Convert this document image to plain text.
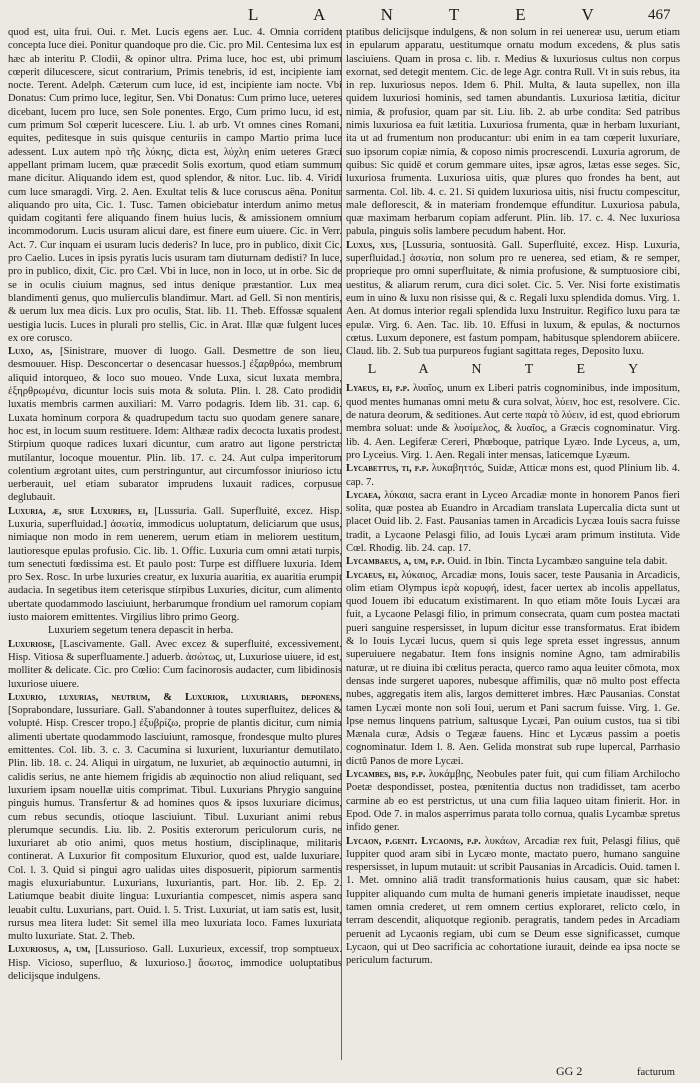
L A N T E V 467

quod est, uita frui. Oui. r. Met. Lucis egens aer. Luc. 4. Omnia corrident concepta luce diei. Ponitur quandoque pro die. Cic. pro Mil. Centesima lux est hæc ab interitu P. Clodii, & opinor ultra. Prima luce, hoc est, ubi primum cœperit dilucescere, sicut contrarium, Primis tenebris, id est, incipiente iam nocte. Terent. Adelph. Cæterum cum luce, id est, incipiente iam nocte. Vbi Donatus: Cum primo luce, legitur, Sen. Vbi Donatus: Cum primo luce, ueteres dicebant, lucem pro luce, sen Sole ponentes. Ergo, Cum primo lucu, id est, cum primum Sol cœperit lucescere. Liu. l. ab urb. Vt omnes cines Romani, equites, peditesque in suis quisque centuriis in campo Martio prima luce adessent. Lux autem πρὸ τῆς λύκης, dicta est, λύχλη enim ueteres Græci appellant primam lucem, quæ præcedit Solis exortum, quod etiam summum mane dicitur. Aliquando idem est, quod splendor, & nitor. Luc. lib. 4. Viridi cum luce smaragdi. Virg. 2. Aen. Exultat telis & luce coruscus aëna. Ponitur aliquando pro uita, Cic. 1. Tusc. Tamen obiciebatur interdum animo metus quidam cogitanti fere aliquando finem huius lucis, & amissionem omnium incommodorum. Lucis usuram alicui dare, est finere eum uiuere. Cic. in Verr. Act. 7. Cur inquam ei usuram lucis dederis? In luce, pro in publico, dixit Cic. pro Caelio. Luces in ipsis pyratis lucis usuram tam diuturnam dedisti? In luce, pro in publico, dixit, Cic. pro Cæl. Vbi in luce, non in loco, ut in orbe. Sic de se in oculis ciuium magnus, sed intus denique præstantior. Lux mea blandimenti genus, quo mulierculis blandimur. Mart. ad Gell. Si non mentiris, & uerum lux mea dicis. Lux pro oculis, Stat. lib. 11. Theb. Effossæ squalent uestigia lucis. Luces in plurali pro stellis, Cic. in Arat. Illæ quæ fulgent luces ex ore corusco.

Luxo, as, [Sinistrare, muover di luogo. Gall. Desmettre de son lieu, desmouuer. Hisp. Desconcertar o desencasar huessos.] ἐξαρθρόω, membrum aliquid intorqueo, & loco suo moueo. Vnde Luxa, sicut luxata membra, ἐξηρθρωμένα, dicuntur locis suis mota & soluta. Plin. l. 28. Cato prodidit luxatis membris carmen auxiliari: M. Varro podagris. Idem lib. 31. cap. 6. Luxata hominum corpora & quadrupedum tactu suo quodam genere sanare, hoc est, in locum suum restituere. Idem: Althææ radix decocta luxatis prodest. Stirpium quoque radices luxari dicuntur, cum aratro aut ligone perstrictæ mutilantur, locoque mouentur. Plin. lib. 17. c. 24. Aut culpa imperitorum colentium ægrotant uites, cum perstringuntur, aut circumfossor iniurioso ictu uerberauit, uel etiam subarator imprudens luxauit radices, corpusue deglubauit.

Luxuria, æ, siue Luxuries, ei, [Lussuria. Gall. Superfluité, excez. Hisp. Luxuria, superfluidad.] ἀσωτία, immodicus uoluptatum, deliciarum que usus, nimiaque non modo in rem uenerem, uerum etiam in meliorem uestitum, lautioresque epulas profusio. Cic. lib. 1. Offic. Luxuria cum omni ætati turpis, tum senectuti fœdissima est. Et paulo post: Turpe est diffluere luxuria. Idem pro Sex. Rosc. In urbe luxuries creatur, ex luxuria auaritia, ex auaritia erumpit audacia. In segetibus item ceterisque stirpibus Luxuries, dicitur, cum alimento ubertate quodammodo lasciuiunt, herbarumque frondium uel ramorum copiam iusto maiorem emittentes. Virgilius libro primo Georg.

Luxuriem segetum tenera depascit in herba.

Luxuriose, [Lascivamente. Gall. Avec excez & superfluité, excessivement. Hisp. Vitiosa & superfluamente.] aduerb. ἀσώτως, ut, Luxuriose uiuere, id est, molliter & delicate. Cic. pro Cœlio: Cum facinorosis audacter, cum libidinosis luxuriose uiuere.

Luxurio, luxurias, neutrum, & Luxurior, luxuriaris, deponens, [Soprabondare, lussuriare. Gall. S'abandonner à toutes superfluitez, delices & volupté. Hisp. Crescer tropo.] ἐξυβρίζω, proprie de plantis dicitur, cum nimia alimenti ubertate quodammodo lasciuiunt, ramosque, frondesque multo plures emittentes. Col. lib. 3. c. 3. Cacumina si luxurient, luxuriantur demutilato. Plin. lib. 18. c. 24. Aliqui in uirgatum, ne luxuriet, ab æquinoctio autumni, in calidis serius, ne ante hiemem frigidis ab æquinoctio non aliud reliquant, sed luxuriem ipsam nouellæ uitis comprimat. Tibul. Luxurians Phrygio sanguine pinguis humus. Transfertur & ad homines quos & ipsos luxuriare dicimus, cum rebus secundis, otioque lasciuiunt. Tibul. Luxuriant animi rebus plerumque secundis. Liu. lib. 2. Positis exterorum periculorum curis, ne luxuriaret ab otio animi, quos metus hostium, disciplinaque, militaris continerat. A Luxurior fit compositum Eluxurior, quod est, ualde luxuriare. Col. l. 3. Quid si pingui agro ualidas uites disposuerit, pipiorum sarmentis magis eluxuriabuntur. Luxurians, luxuriantis, part. Hor. lib. 2. Ep. 2. Latiumque beabit diuite lingua: Luxuriantia compescet, nimis aspera sano leuabit cultu. Luxurians, part. Ouid. l. 5. Trist. Luxuriat, ut iam satis est, lusit, rursus mea litera ludet: Sit semel illa meo luxuriata loco. Fames luxuriata multo luxuriate. Stat. 2. Theb.

Luxuriosus, a, um, [Lussurioso. Gall. Luxurieux, excessif, trop somptueux. Hisp. Vicioso, superfluo, & luxurioso.] ἄσωτος, immodice uoluptatibus delicijsque indulgens.

ptatibus delicijsque indulgens, & non solum in rei uenereæ usu, uerum etiam in epularum apparatu, uestitumque ornatu modum excedens, & plus satis lasciuiens. Quam in prosa c. lib. r. Medius & luxuriosus cultus non corpus exornat, sed detegit mentem. Cic. de lege Agr. contra Rull. Vt in suis rebus, ita in rep. luxuriosus nepos. Idem 6. Phil. Multa, & lauta supellex, non illa quidem luxuriosi hominis, sed tamen abundantis. Luxuriosa lætitia, dicitur nimia, & profusior, quam par sit. Liu. lib. 2. ab urbe condita: Sed patribus nimis luxuriosa ea fuit lætitia. Luxuriosa frumenta, quæ in herbam luxuriant, ita ut ad frumentum non producantur: ubi enim in ea tam cœperit luxuriare, suo ipsorum copiæ nimia, & coposo nimis procrescendi. Luxuria agrorum, de quibus: Sic quidē et corum gemmare uites, ipsæ agros, lætas esse seges. Sic, luxuriosa frumenta. Luxuriosa uitis, quæ plures quo frondes ha bent, aut sarmenta. Col. lib. 4. c. 21. Si quidem luxuriosa uitis, nisi fructu compescitur, male deflorescit, & in materiam frondemque effunditur. Luxuriosa pabula, quæ maximam herbarum copiam adferunt. Plin. lib. 17. c. 4. Nec luxuriosa pabula, pinguis solis lambere pecudum habent. Hor.

Luxus, xus, [Lussuria, sontuosità. Gall. Superfluité, excez. Hisp. Luxuria, superfluidad.] ἀσωτία, non solum pro re uenerea, sed etiam, & re semper, proprieque pro omni superfluitate, & nimia profusione, & sumptuosiore cibi, uestitus, & aliarum rerum, cura dici solet. Cic. 5. Ver. Nisi forte existimatis eum in uino & luxu non risisse qui, & c. Regali luxu splendida domus. Virg. 1. Aen. At domus interior regali splendida luxu Instruitur. Regifico luxu para tæ epulæ. Virg. 6. Aen. Tac. lib. 10. Effusi in luxum, & epulas, & nocturnos cœtus. Luxum deponere, est fastum pompam, habitusque splendorem abiicere. Claud. lib. 2. Sub tua purpureos fugiant sagittata reges, Deposito luxu.

L A N T E Y

Lyaeus, ei, p.p. λυαῖος, unum ex Liberi patris cognominibus, inde impositum, quod mentes humanas omni metu & cura solvat, λύειν, hoc est, resolvere. Cic. de natura deorum, & seditiones. Aut certe παρὰ τὸ λύειν, id est, quod ebriorum membra soluat: unde & λυσίμελος, & λυαῖος, a Græcis cognominatur. Virg. lib. 4. Aen. Legiferæ Cereri, Phœboque, patrique Lyæo. Inde Lyceus, a, um, pro Lyceius. Virg. 1. Aen. Regali inter mensas, laticemque Lyæum.

Lycabettus, ti, p.p. λυκαβηττός, Suidæ, Atticæ mons est, quod Plinium lib. 4. cap. 7.

Lycaea, λύκαια, sacra erant in Lyceo Arcadiæ monte in honorem Panos fieri solita, quæ postea ab Euandro in Arcadiam translata Lupercalia dicta sunt ut placet Ouid lib. 2. Fast. Pausanias tamen in Arcadicis Lycæa Iouis sacra fuisse tradit, a Lycaone Pelasgi filio, ad Iouis Lycæi aram primum instituta. Vide Cœl. Rhodig. lib. 24. cap. 17.

Lycambaeus, a, um, p.p. Ouid. in Ibin. Tincta Lycambæo sanguine tela dabit.

Lycaeus, ei, λύκαιος, Arcadiæ mons, Iouis sacer, teste Pausania in Arcadicis, olim etiam Olympus ἱερὰ κορυφή, idest, facer uertex ab incolis appellatus, quod Iouem ibi educatum existimarent. In quo etiam mōte Iouis Lycæi ara fuit, a Lycaone Pelasgi filio, in primum consecrata, quam cum postea mactati pueri sanguine respersisset, in lupum dicitur esse transformatus. Erat ibidem & lo Iouis Lycæi lucus, quem si quis lege spreta esset ingressus, annum superuiuere negabatur. Item fons insignis nomine Agno, tam admirabilis naturæ, ut re diuina ibi cœlitus peracta, querco ramo aqua leuiter cōmota, mox densas inde surgeret uapores, nubesque affimilis, quæ nō multo post effecta nubes, aggregatis item alis, largos demitteret imbres. Hæc Pausanias. Constat tamen Lycæi monte non soli Ioui, uerum et Pani sacrum fuisse. Virg. 1. Ge. Ipse nemus linquens patrium, saltusque Lycæi, Pan ouium custos, tua si tibi Mænala curæ, Adsis o Tegææ fauens. Hinc et Lycæus passim a poetis cognominatur. Idem l. 8. Aen. Gelida monstrat sub rupe lupercal, Parrhasio dictū Panos de more Lycæi.

Lycambes, bis, p.p. λυκάμβης, Neobules pater fuit, qui cum filiam Archilocho Poetæ despondisset, postea, pœnitentia ductus non tradidisset, tam acerbo carmine ab eo est perstrictus, ut una cum filia laqueo uitam finierit. Hor. in Epod. Ode 7. in malos asperrimus parata tollo cornua, qualis Lycambæ spretus infido gener.

Lycaon, p.genit. Lycaonis, p.p. λυκάων, Arcadiæ rex fuit, Pelasgi filius, quē Iuppiter quod aram sibi in Lycæo monte, mactato puero, humano sanguine respersisset, in lupum mutauit: ut scribit Pausanias in Arcadicis. Ouid. tamen l. 1. Met. omnino aliā tradit transformationis huius causam, quæ sic habet: Iuppiter aliquando cum multa de humani generis impietate inaudisset, neque tamen omnia crederet, ut rem omnem certius exploraret, relicto cœlo, in terram descendit, aliquotque regionib. peragratis, tandem pedes in Arcadiam peruenit ad Lycaonis regiam, ubi cum se Deum esse significasset, cumque Lycaon, qui ut Deo sacrificia ac cohortatione iurauit, deinde ea ipsa nocte se periculum facturum.

GG 2	facturum
